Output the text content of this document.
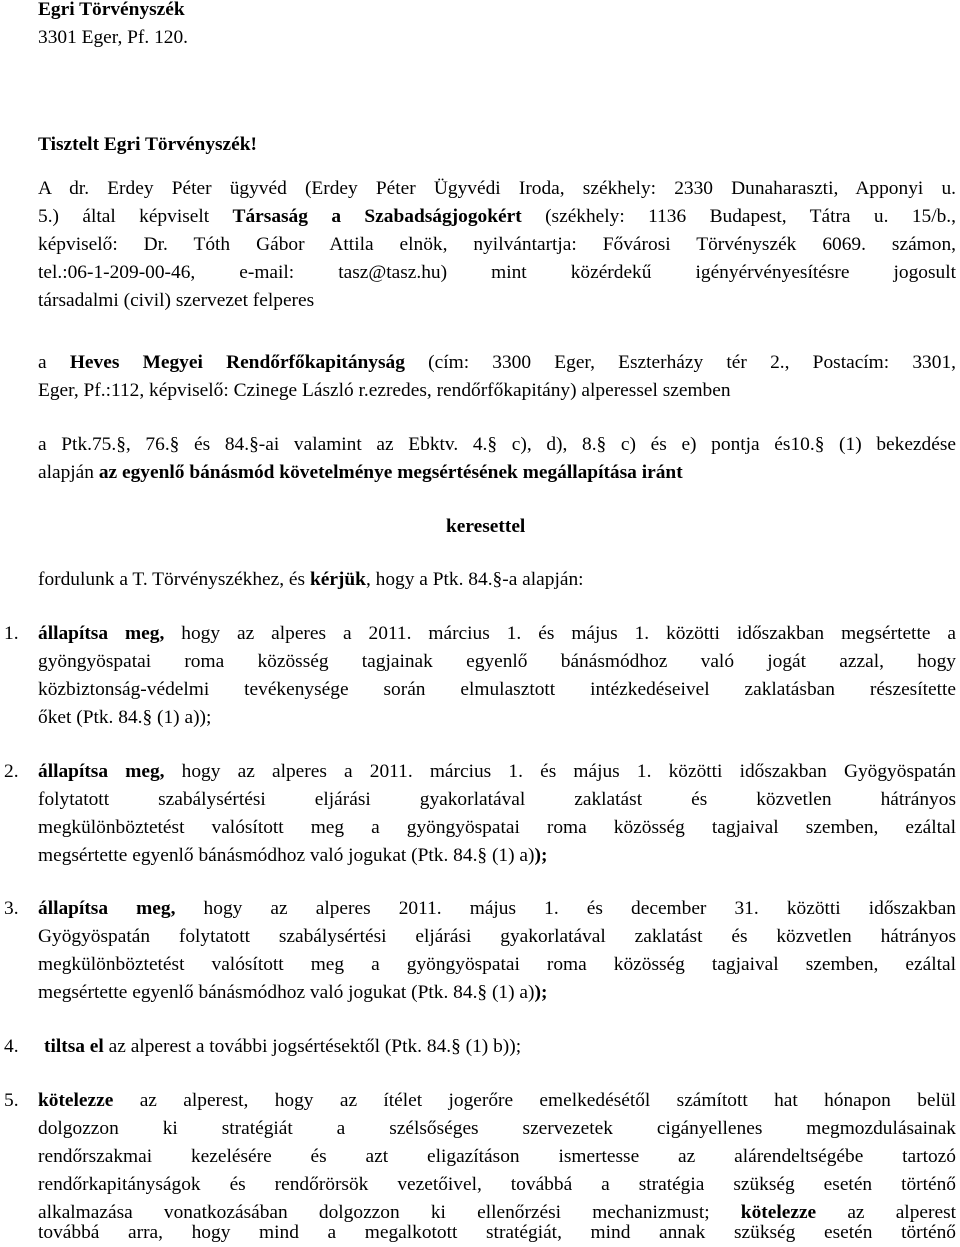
Egri Törvényszék

3301 Eger, Pf. 120.

Tisztelt Egri Törvényszék!

A dr. Erdey Péter ügyvéd (Erdey Péter Ügyvédi Iroda, székhely: 2330 Dunaharaszti, Apponyi u.

5.) által képviselt Társaság a Szabadságjogokért (székhely: 1136 Budapest, Tátra u. 15/b.,

képviselő: Dr. Tóth Gábor Attila elnök, nyilvántartja: Fővárosi Törvényszék 6069. számon,

tel.:06-1-209-00-46, e-mail: tasz@tasz.hu) mint közérdekű igényérvényesítésre jogosult

társadalmi (civil) szervezet felperes

a Heves Megyei Rendőrfőkapitányság (cím: 3300 Eger, Eszterházy tér 2., Postacím: 3301,

Eger, Pf.:112, képviselő: Czinege László r.ezredes, rendőrfőkapitány) alperessel szemben

a Ptk.75.§, 76.§ és 84.§-ai valamint az Ebktv. 4.§ c), d), 8.§ c) és e) pontja és10.§ (1) bekezdése

alapján az egyenlő bánásmód követelménye megsértésének megállapítása iránt

keresettel

fordulunk a T. Törvényszékhez, és kérjük, hogy a Ptk. 84.§-a alapján:

1. állapítsa meg, hogy az alperes a 2011. március 1. és május 1. közötti időszakban megsértette a

gyöngyöspatai roma közösség tagjainak egyenlő bánásmódhoz való jogát azzal, hogy

közbiztonság-védelmi tevékenysége során elmulasztott intézkedéseivel zaklatásban részesítette

őket (Ptk. 84.§ (1) a));

2. állapítsa meg, hogy az alperes a 2011. március 1. és május 1. közötti időszakban Gyögyöspatán

folytatott szabálysértési eljárási gyakorlatával zaklatást és közvetlen hátrányos

megkülönböztetést valósított meg a gyöngyöspatai roma közösség tagjaival szemben, ezáltal

megsértette egyenlő bánásmódhoz való jogukat (Ptk. 84.§ (1) a));

3. állapítsa meg, hogy az alperes 2011. május 1. és december 31. közötti időszakban

Gyögyöspatán folytatott szabálysértési eljárási gyakorlatával zaklatást és közvetlen hátrányos

megkülönböztetést valósított meg a gyöngyöspatai roma közösség tagjaival szemben, ezáltal

megsértette egyenlő bánásmódhoz való jogukat (Ptk. 84.§ (1) a));

4. tiltsa el az alperest a további jogsértésektől (Ptk. 84.§ (1) b));

5. kötelezze az alperest, hogy az ítélet jogerőre emelkedésétől számított hat hónapon belül

dolgozzon ki stratégiát a szélsőséges szervezetek cigányellenes megmozdulásainak

rendőrszakmai kezelésére és azt eligazításon ismertesse az alárendeltségébe tartozó

rendőrkapitányságok és rendőrörsök vezetőivel, továbbá a stratégia szükség esetén történő

alkalmazása vonatkozásában dolgozzon ki ellenőrzési mechanizmust; kötelezze az alperest

továbbá arra, hogy mind a megalkotott stratégiát, mind annak szükség esetén történő
